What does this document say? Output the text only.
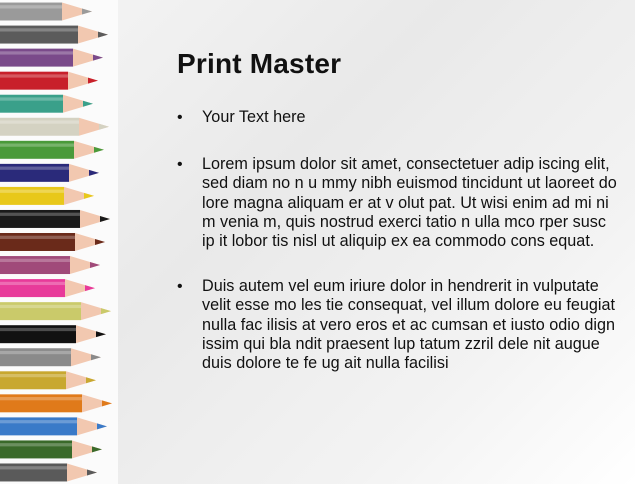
Print Master
• Your Text here
• Lorem ipsum dolor sit amet, consectetuer adip iscing elit, sed diam no n u mmy nibh euismod tincidunt ut laoreet do lore magna aliquam er at v olut pat. Ut wisi enim ad mi ni m venia m, quis nostrud exerci tatio n ulla mco rper susc ip it lobor tis nisl ut aliquip ex ea commodo cons equat.
• Duis autem vel eum iriure dolor in hendrerit in vulputate velit esse mo les tie consequat, vel illum dolore eu feugiat nulla fac ilisis at vero eros et ac cumsan et iusto odio dign issim qui bla ndit praesent lup tatum zzril dele nit augue duis dolore te fe ug ait nulla facilisi
